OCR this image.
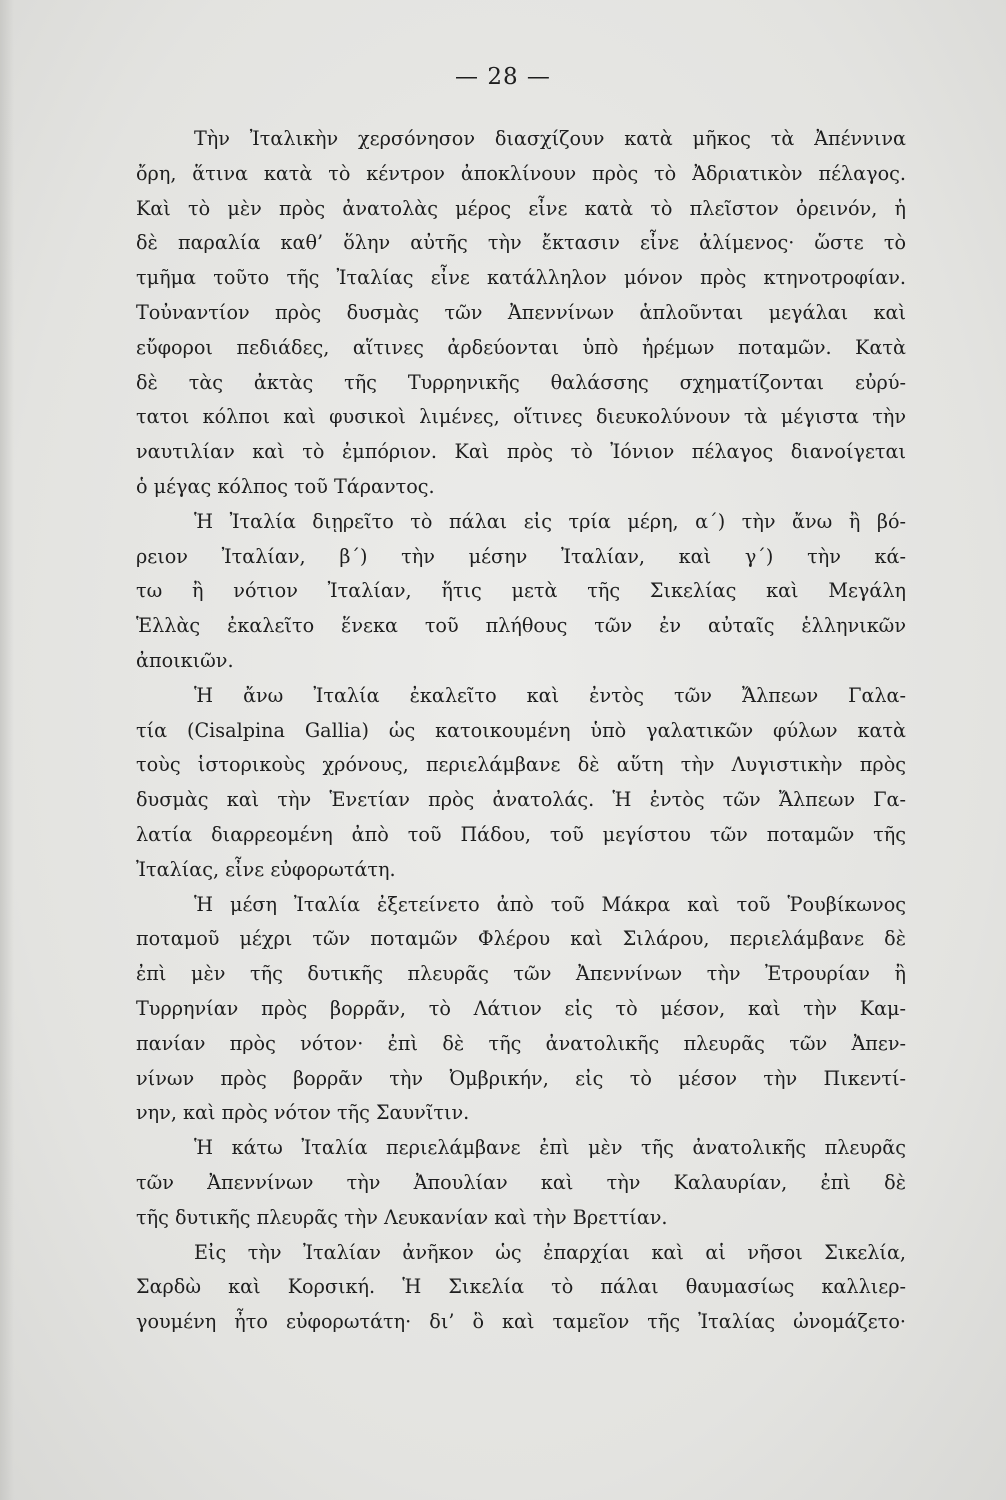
— 28 —
Τὴν Ἰταλικὴν χερσόνησον διασχίζουν κατὰ μῆκος τὰ Ἀπέννινα
ὄρη, ἅτινα κατὰ τὸ κέντρον ἀποκλίνουν πρὸς τὸ Ἀδριατικὸν πέλαγος.
Καὶ τὸ μὲν πρὸς ἀνατολὰς μέρος εἶνε κατὰ τὸ πλεῖστον ὀρεινόν, ἡ
δὲ παραλία καθ’ ὅλην αὐτῆς τὴν ἔκτασιν εἶνε ἀλίμενος· ὥστε τὸ
τμῆμα τοῦτο τῆς Ἰταλίας εἶνε κατάλληλον μόνον πρὸς κτηνοτροφίαν.
Τοὐναντίον πρὸς δυσμὰς τῶν Ἀπεννίνων ἁπλοῦνται μεγάλαι καὶ
εὔφοροι πεδιάδες, αἵτινες ἀρδεύονται ὑπὸ ἠρέμων ποταμῶν. Κατὰ
δὲ τὰς ἀκτὰς τῆς Τυρρηνικῆς θαλάσσης σχηματίζονται εὐρύ-
τατοι κόλποι καὶ φυσικοὶ λιμένες, οἵτινες διευκολύνουν τὰ μέγιστα τὴν
ναυτιλίαν καὶ τὸ ἐμπόριον. Καὶ πρὸς τὸ Ἰόνιον πέλαγος διανοίγεται
ὁ μέγας κόλπος τοῦ Τάραντος.
Ἡ Ἰταλία διῃρεῖτο τὸ πάλαι εἰς τρία μέρη, α΄) τὴν ἄνω ἢ βό-
ρειον Ἰταλίαν, β΄) τὴν μέσην Ἰταλίαν, καὶ γ΄) τὴν κά-
τω ἢ νότιον Ἰταλίαν, ἥτις μετὰ τῆς Σικελίας καὶ Μεγάλη
Ἑλλὰς ἐκαλεῖτο ἕνεκα τοῦ πλήθους τῶν ἐν αὐταῖς ἑλληνικῶν
ἀποικιῶν.
Ἡ ἄνω Ἰταλία ἐκαλεῖτο καὶ ἐντὸς τῶν Ἄλπεων Γαλα-
τία (Cisalpina Gallia) ὡς κατοικουμένη ὑπὸ γαλατικῶν φύλων κατὰ
τοὺς ἱστορικοὺς χρόνους, περιελάμβανε δὲ αὕτη τὴν Λυγιστικὴν πρὸς
δυσμὰς καὶ τὴν Ἑνετίαν πρὸς ἀνατολάς. Ἡ ἐντὸς τῶν Ἄλπεων Γα-
λατία διαρρεομένη ἀπὸ τοῦ Πάδου, τοῦ μεγίστου τῶν ποταμῶν τῆς
Ἰταλίας, εἶνε εὐφορωτάτη.
Ἡ μέση Ἰταλία ἐξετείνετο ἀπὸ τοῦ Μάκρα καὶ τοῦ Ῥουβίκωνος
ποταμοῦ μέχρι τῶν ποταμῶν Φλέρου καὶ Σιλάρου, περιελάμβανε δὲ
ἐπὶ μὲν τῆς δυτικῆς πλευρᾶς τῶν Ἀπεννίνων τὴν Ἐτρουρίαν ἢ
Τυρρηνίαν πρὸς βορρᾶν, τὸ Λάτιον εἰς τὸ μέσον, καὶ τὴν Καμ-
πανίαν πρὸς νότον· ἐπὶ δὲ τῆς ἀνατολικῆς πλευρᾶς τῶν Ἀπεν-
νίνων πρὸς βορρᾶν τὴν Ὀμβρικήν, εἰς τὸ μέσον τὴν Πικεντί-
νην, καὶ πρὸς νότον τῆς Σαυνῖτιν.
Ἡ κάτω Ἰταλία περιελάμβανε ἐπὶ μὲν τῆς ἀνατολικῆς πλευρᾶς
τῶν Ἀπεννίνων τὴν Ἀπουλίαν καὶ τὴν Καλαυρίαν, ἐπὶ δὲ
τῆς δυτικῆς πλευρᾶς τὴν Λευκανίαν καὶ τὴν Βρεττίαν.
Εἰς τὴν Ἰταλίαν ἀνῆκον ὡς ἐπαρχίαι καὶ αἱ νῆσοι Σικελία,
Σαρδὼ καὶ Κορσική. Ἡ Σικελία τὸ πάλαι θαυμασίως καλλιερ-
γουμένη ἦτο εὐφορωτάτη· δι’ ὃ καὶ ταμεῖον τῆς Ἰταλίας ὠνομάζετο·
